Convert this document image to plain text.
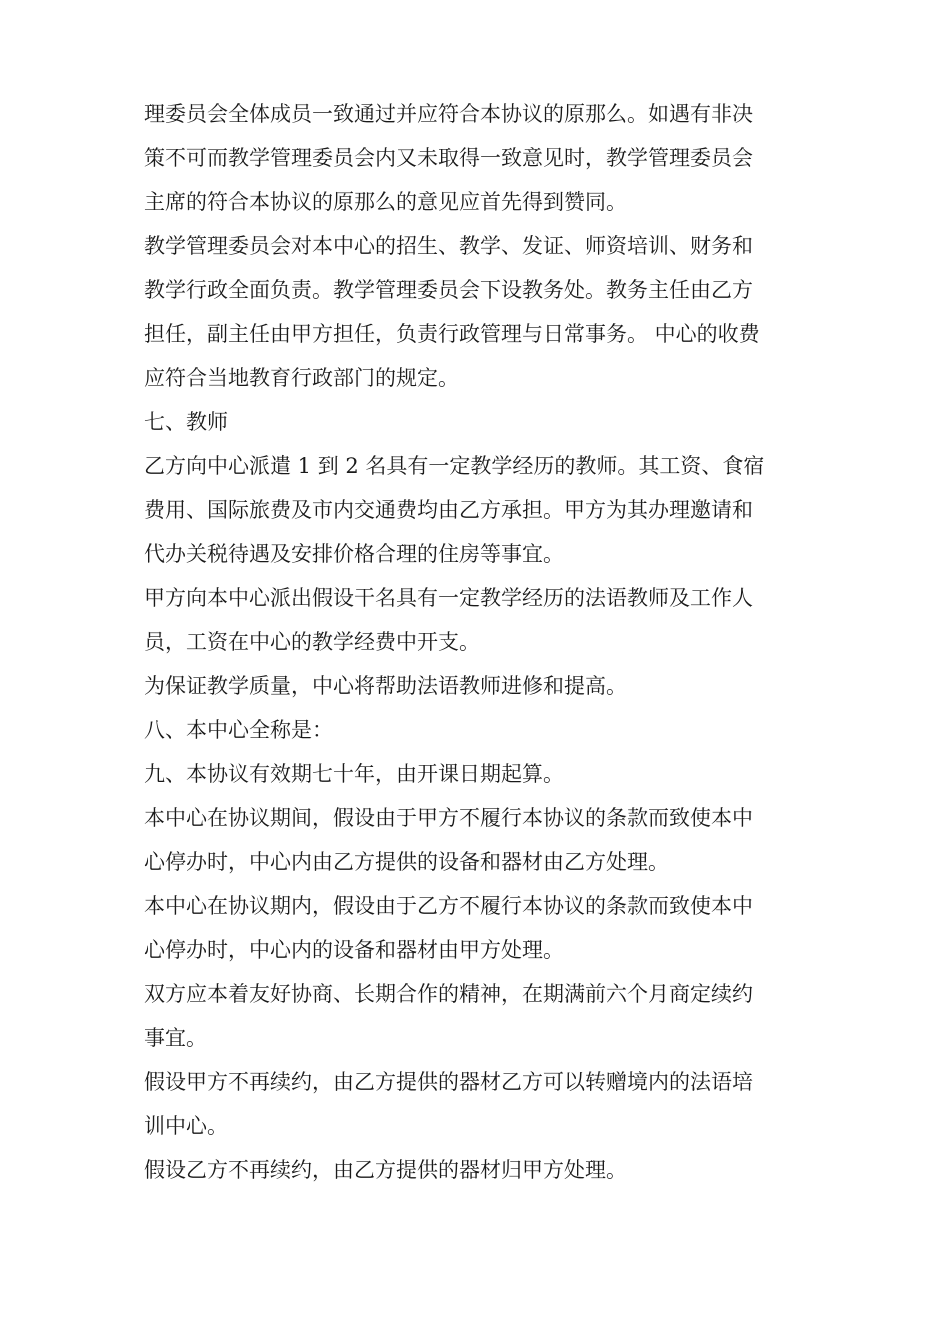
理委员会全体成员一致通过并应符合本协议的原那么。如遇有非决
策不可而教学管理委员会内又未取得一致意见时，教学管理委员会
主席的符合本协议的原那么的意见应首先得到赞同。
教学管理委员会对本中心的招生、教学、发证、师资培训、财务和
教学行政全面负责。教学管理委员会下设教务处。教务主任由乙方
担任，副主任由甲方担任，负责行政管理与日常事务。 中心的收费
应符合当地教育行政部门的规定。
七、教师
乙方向中心派遣 1 到 2 名具有一定教学经历的教师。其工资、食宿
费用、国际旅费及市内交通费均由乙方承担。甲方为其办理邀请和
代办关税待遇及安排价格合理的住房等事宜。
甲方向本中心派出假设干名具有一定教学经历的法语教师及工作人
员，工资在中心的教学经费中开支。
为保证教学质量，中心将帮助法语教师进修和提高。
八、本中心全称是：
九、本协议有效期七十年，由开课日期起算。
本中心在协议期间，假设由于甲方不履行本协议的条款而致使本中
心停办时，中心内由乙方提供的设备和器材由乙方处理。
本中心在协议期内，假设由于乙方不履行本协议的条款而致使本中
心停办时，中心内的设备和器材由甲方处理。
双方应本着友好协商、长期合作的精神，在期满前六个月商定续约
事宜。
假设甲方不再续约，由乙方提供的器材乙方可以转赠境内的法语培
训中心。
假设乙方不再续约，由乙方提供的器材归甲方处理。
